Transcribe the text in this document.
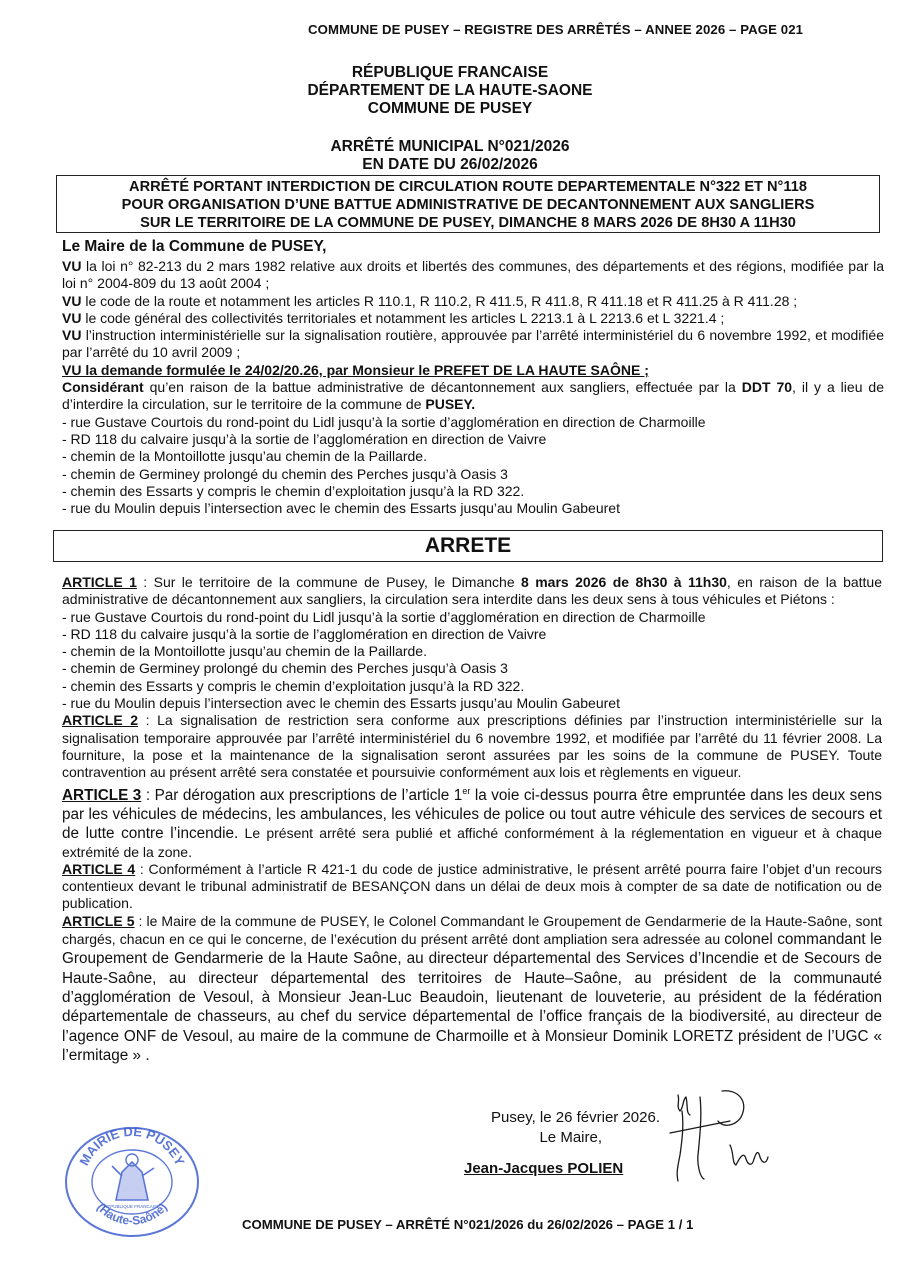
COMMUNE DE PUSEY – REGISTRE DES ARRÊTÉS – ANNEE 2026 – PAGE 021
RÉPUBLIQUE FRANCAISE
DÉPARTEMENT DE LA HAUTE-SAONE
COMMUNE DE PUSEY
ARRÊTÉ MUNICIPAL N°021/2026
EN DATE DU 26/02/2026
ARRÊTÉ PORTANT INTERDICTION DE CIRCULATION ROUTE DEPARTEMENTALE N°322 ET N°118
POUR ORGANISATION D’UNE BATTUE ADMINISTRATIVE DE DECANTONNEMENT AUX SANGLIERS
SUR LE TERRITOIRE DE LA COMMUNE DE PUSEY, DIMANCHE 8 MARS 2026 DE 8H30 A 11H30
Le Maire de la Commune de PUSEY,

VU la loi n° 82-213 du 2 mars 1982 relative aux droits et libertés des communes, des départements et des régions, modifiée par la loi n° 2004-809 du 13 août 2004 ;

VU le code de la route et notamment les articles R 110.1, R 110.2, R 411.5, R 411.8, R 411.18 et R 411.25 à R 411.28 ;

VU le code général des collectivités territoriales et notamment les articles L 2213.1 à L 2213.6 et L 3221.4 ;

VU l’instruction interministérielle sur la signalisation routière, approuvée par l’arrêté interministériel du 6 novembre 1992, et modifiée par l’arrêté du 10 avril 2009 ;

VU la demande formulée le 24/02/20.26, par Monsieur le PREFET DE LA HAUTE SAÔNE ;

Considérant qu’en raison de la battue administrative de décantonnement aux sangliers, effectuée par la DDT 70, il y a lieu de d’interdire la circulation, sur le territoire de la commune de PUSEY.

- rue Gustave Courtois du rond-point du Lidl jusqu’à la sortie d’agglomération en direction de Charmoille
- RD 118 du calvaire jusqu’à la sortie de l’agglomération en direction de Vaivre
- chemin de la Montoillotte jusqu’au chemin de la Paillarde.
- chemin de Germiney prolongé du chemin des Perches jusqu’à Oasis 3
- chemin des Essarts y compris le chemin d’exploitation jusqu’à la RD 322.
- rue du Moulin depuis l’intersection avec le chemin des Essarts jusqu’au Moulin Gabeuret
ARRETE

ARTICLE 1 : Sur le territoire de la commune de Pusey, le Dimanche 8 mars 2026 de 8h30 à 11h30, en raison de la battue administrative de décantonnement aux sangliers, la circulation sera interdite dans les deux sens à tous véhicules et Piétons :

- rue Gustave Courtois du rond-point du Lidl jusqu’à la sortie d’agglomération en direction de Charmoille
- RD 118 du calvaire jusqu’à la sortie de l’agglomération en direction de Vaivre
- chemin de la Montoillotte jusqu’au chemin de la Paillarde.
- chemin de Germiney prolongé du chemin des Perches jusqu’à Oasis 3
- chemin des Essarts y compris le chemin d’exploitation jusqu’à la RD 322.
- rue du Moulin depuis l’intersection avec le chemin des Essarts jusqu’au Moulin Gabeuret

ARTICLE 2 : La signalisation de restriction sera conforme aux prescriptions définies par l’instruction interministérielle sur la signalisation temporaire approuvée par l’arrêté interministériel du 6 novembre 1992, et modifiée par l’arrêté du 11 février 2008. La fourniture, la pose et la maintenance de la signalisation seront assurées par les soins de la commune de PUSEY. Toute contravention au présent arrêté sera constatée et poursuivie conformément aux lois et règlements en vigueur.

ARTICLE 3 : Par dérogation aux prescriptions de l’article 1er la voie ci-dessus pourra être empruntée dans les deux sens par les véhicules de médecins, les ambulances, les véhicules de police ou tout autre véhicule des services de secours et de lutte contre l’incendie. Le présent arrêté sera publié et affiché conformément à la réglementation en vigueur et à chaque extrémité de la zone.

ARTICLE 4 : Conformément à l’article R 421-1 du code de justice administrative, le présent arrêté pourra faire l’objet d’un recours contentieux devant le tribunal administratif de BESANÇON dans un délai de deux mois à compter de sa date de notification ou de publication.

ARTICLE 5 : le Maire de la commune de PUSEY, le Colonel Commandant le Groupement de Gendarmerie de la Haute-Saône, sont chargés, chacun en ce qui le concerne, de l’exécution du présent arrêté dont ampliation sera adressée au colonel commandant le Groupement de Gendarmerie de la Haute Saône, au directeur départemental des Services d’Incendie et de Secours de Haute-Saône, au directeur départemental des territoires de Haute–Saône, au président de la communauté d’agglomération de Vesoul, à Monsieur Jean-Luc Beaudoin, lieutenant de louveterie, au président de la fédération départementale de chasseurs, au chef du service départemental de l’office français de la biodiversité, au directeur de l’agence ONF de Vesoul, au maire de la commune de Charmoille et à Monsieur Dominik LORETZ président de l’UGC « l’ermitage » .

Pusey, le 26 février 2026.
Le Maire,
Jean-Jacques POLIEN
MAIRIE DE PUSEY
(Haute-Saône)
REPUBLIQUE FRANCAISE
COMMUNE DE PUSEY – ARRÊTÉ N°021/2026 du 26/02/2026 – PAGE 1 / 1
